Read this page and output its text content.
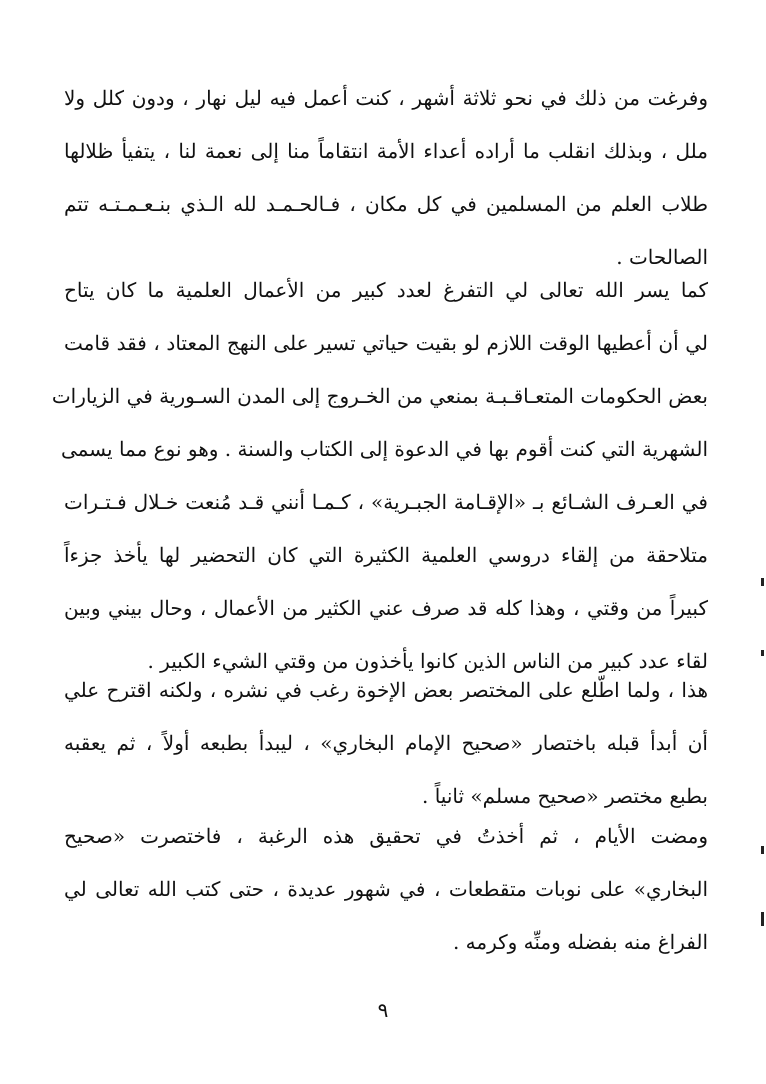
وفرغت من ذلك في نحو ثلاثة أشهر ، كنت أعمل فيه ليل نهار ، ودون كلل ولا
ملل ، وبذلك انقلب ما أراده أعداء الأمة انتقاماً منا إلى نعمة لنا ، يتفيأ ظلالها
طلاب العلم من المسلمين في كل مكان ، فـالحـمـد لله الـذي بنـعـمـتـه تتم
الصالحات .
كما يسر الله تعالى لي التفرغ لعدد كبير من الأعمال العلمية ما كان يتاح
لي أن أعطيها الوقت اللازم لو بقيت حياتي تسير على النهج المعتاد ، فقد قامت
بعض الحكومات المتعـاقـبـة بمنعي من الخـروج إلى المدن السـورية في الزيارات
الشهرية التي كنت أقوم بها في الدعوة إلى الكتاب والسنة . وهو نوع مما يسمى
في العـرف الشـائع بـ «الإقـامة الجبـرية» ، كـمـا أنني قـد مُنعت خـلال فـتـرات
متلاحقة من إلقاء دروسي العلمية الكثيرة التي كان التحضير لها يأخذ جزءاً
كبيراً من وقتي ، وهذا كله قد صرف عني الكثير من الأعمال ، وحال بيني وبين
لقاء عدد كبير من الناس الذين كانوا يأخذون من وقتي الشيء الكبير .
هذا ، ولما اطّلع على المختصر بعض الإخوة رغب في نشره ، ولكنه اقترح علي
أن أبدأ قبله باختصار «صحيح الإمام البخاري» ، ليبدأ بطبعه أولاً ، ثم يعقبه
بطبع مختصر «صحيح مسلم» ثانياً .
ومضت الأيام ، ثم أخذتُ في تحقيق هذه الرغبة ، فاختصرت «صحيح
البخاري» على نوبات متقطعات ، في شهور عديدة ، حتى كتب الله تعالى لي
الفراغ منه بفضله ومنِّه وكرمه .
٩
